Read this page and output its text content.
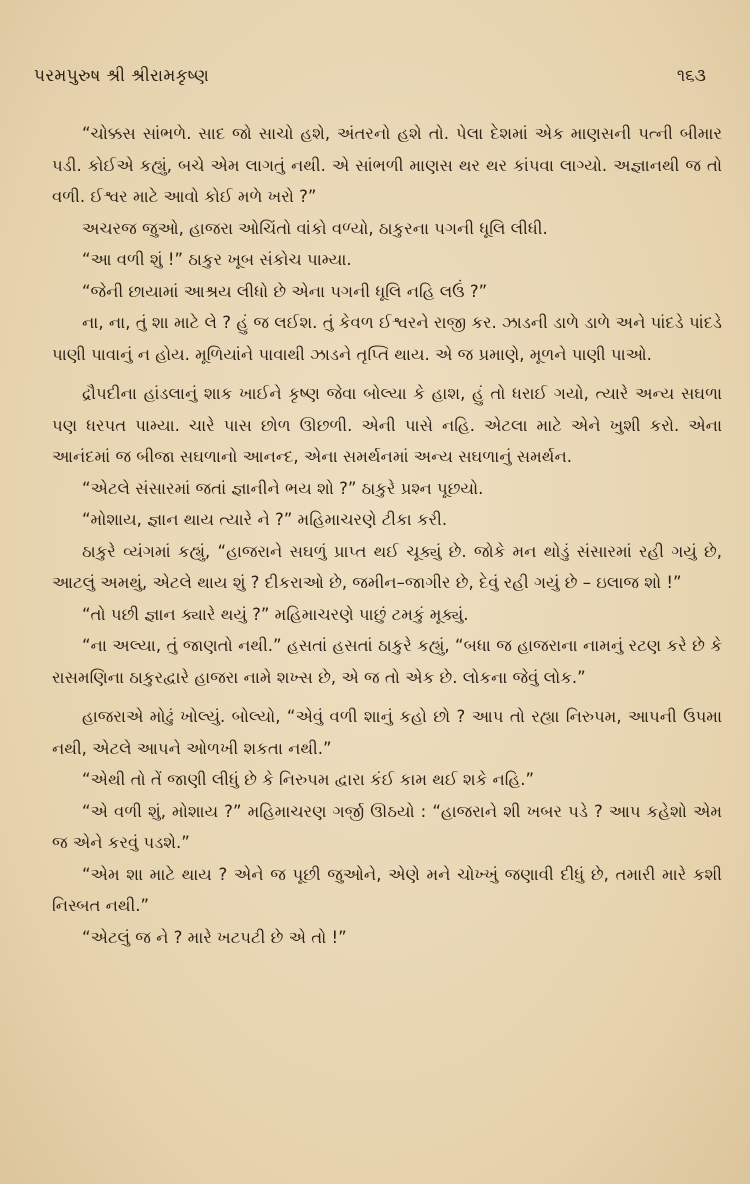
પરમપુરુષ શ્રી શ્રીરામકૃષ્ણ	૧૬૩

“ચોક્કસ સાંભળે. સાદ જો સાચો હશે, અંતરનો હશે તો. પેલા દેશમાં એક માણસની પત્ની બીમાર પડી. કોઈએ કહ્યું, બચે એમ લાગતું નથી. એ સાંભળી માણસ થર થર કાંપવા લાગ્યો. અજ્ઞાનથી જ તો વળી. ઈશ્વર માટે આવો કોઈ મળે ખરો ?”

અચરજ જુઓ, હાજરા ઓચિંતો વાંકો વળ્યો, ઠાકુરના પગની ધૂલિ લીધી.

“આ વળી શું !” ઠાકુર ખૂબ સંકોચ પામ્યા.

“જેની છાયામાં આશ્રય લીધો છે એના પગની ધૂલિ નહિ લઉં ?”

ના, ના, તું શા માટે લે ? હું જ લઈશ. તું કેવળ ઈશ્વરને રાજી કર. ઝાડની ડાળે ડાળે અને પાંદડે પાંદડે પાણી પાવાનું ન હોય. મૂળિયાંને પાવાથી ઝાડને તૃપ્તિ થાય. એ જ પ્રમાણે, મૂળને પાણી પાઓ.

દ્રૌપદીના હાંડલાનું શાક ખાઈને કૃષ્ણ જેવા બોલ્યા કે હાશ, હું તો ધરાઈ ગયો, ત્યારે અન્ય સઘળા પણ ધરપત પામ્યા. ચારે પાસ છોળ ઊછળી. એની પાસે નહિ. એટલા માટે એને ખુશી કરો. એના આનંદમાં જ બીજા સઘળાનો આનન્દ, એના સમર્થનમાં અન્ય સઘળાનું સમર્થન.

“એટલે સંસારમાં જતાં જ્ઞાનીને ભય શો ?” ઠાકુરે પ્રશ્ન પૂછયો.

“મોશાય, જ્ઞાન થાય ત્યારે ને ?” મહિમાચરણે ટીકા કરી.

ઠાકુરે વ્યંગમાં કહ્યું, “હાજરાને સઘળું પ્રાપ્ત થઈ ચૂક્યું છે. જોકે મન થોડું સંસારમાં રહી ગયું છે, આટલું અમથું, એટલે થાય શું ? દીકરાઓ છે, જમીન–જાગીર છે, દેવું રહી ગયું છે – ઇલાજ શો !”

“તો પછી જ્ઞાન ક્યારે થયું ?” મહિમાચરણે પાછું ટમકું મૂક્યું.

“ના અલ્યા, તું જાણતો નથી.” હસતાં હસતાં ઠાકુરે કહ્યું, “બધા જ હાજરાના નામનું રટણ કરે છે કે રાસમણિના ઠાકુરદ્વારે હાજરા નામે શખ્સ છે, એ જ તો એક છે. લોકના જેવું લોક.”

હાજરાએ મોઢું ખોલ્યું. બોલ્યો, “એવું વળી શાનું કહો છો ? આપ તો રહ્યા નિરુપમ, આપની ઉપમા નથી, એટલે આપને ઓળખી શકતા નથી.”

“એથી તો તેં જાણી લીધું છે કે નિરુપમ દ્વારા કંઈ કામ થઈ શકે નહિ.”

“એ વળી શું, મોશાય ?” મહિમાચરણ ગર્જી ઊઠયો : “હાજરાને શી ખબર પડે ? આપ કહેશો એમ જ એને કરવું પડશે.”

“એમ શા માટે થાય ? એને જ પૂછી જુઓને, એણે મને ચોખ્ખું જણાવી દીધું છે, તમારી મારે કશી નિસ્બત નથી.”

“એટલું જ ને ? મારે ખટપટી છે એ તો !”
